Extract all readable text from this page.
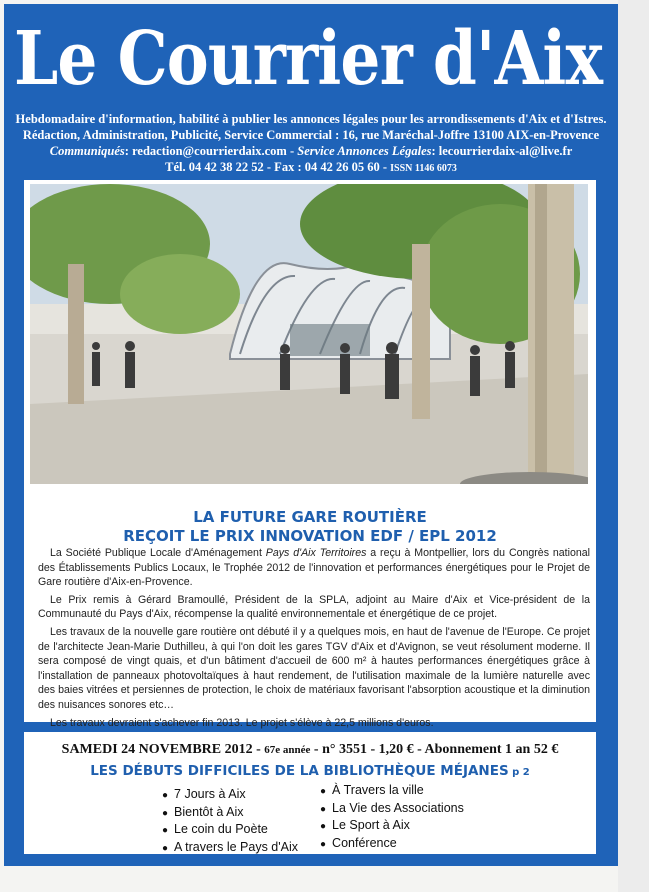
Le Courrier d'Aix
Hebdomadaire d'information, habilité à publier les annonces légales pour les arrondissements d'Aix et d'Istres.
Rédaction, Administration, Publicité, Service Commercial : 16, rue Maréchal-Joffre 13100 AIX-en-Provence
Communiqués: redaction@courrierdaix.com - Service Annonces Légales: lecourrierdaix-al@live.fr
Tél. 04 42 38 22 52 - Fax : 04 42 26 05 60 - ISSN 1146 6073
LA FUTURE GARE ROUTIÈRE
REÇOIT LE PRIX INNOVATION EDF / EPL 2012

La Société Publique Locale d'Aménagement Pays d'Aix Territoires a reçu à Montpellier, lors du Congrès national des Établissements Publics Locaux, le Trophée 2012 de l'innovation et performances énergétiques pour le Projet de Gare routière d'Aix-en-Provence.

Le Prix remis à Gérard Bramoullé, Président de la SPLA, adjoint au Maire d'Aix et Vice-président de la Communauté du Pays d'Aix, récompense la qualité environnementale et énergétique de ce projet.

Les travaux de la nouvelle gare routière ont débuté il y a quelques mois, en haut de l'avenue de l'Europe. Ce projet de l'architecte Jean-Marie Duthilleu, à qui l'on doit les gares TGV d'Aix et d'Avignon, se veut résolument moderne. Il sera composé de vingt quais, et d'un bâtiment d'accueil de 600 m² à hautes performances énergétiques grâce à l'installation de panneaux photovoltaïques à haut rendement, de l'utilisation maximale de la lumière naturelle avec des baies vitrées et persiennes de protection, le choix de matériaux favorisant l'absorption acoustique et la diminution des nuisances sonores etc…

Les travaux devraient s'achever fin 2013. Le projet s'élève à 22,5 millions d'euros.

SAMEDI 24 NOVEMBRE 2012 - 67e année - n° 3551 - 1,20 € - Abonnement 1 an 52 €
LES DÉBUTS DIFFICILES DE LA BIBLIOTHÈQUE MÉJANES p 2
● 7 Jours à Aix
● Bientôt à Aix
● Le coin du Poète
● A travers le Pays d'Aix
● À Travers la ville
● La Vie des Associations
● Le Sport à Aix
● Conférence
